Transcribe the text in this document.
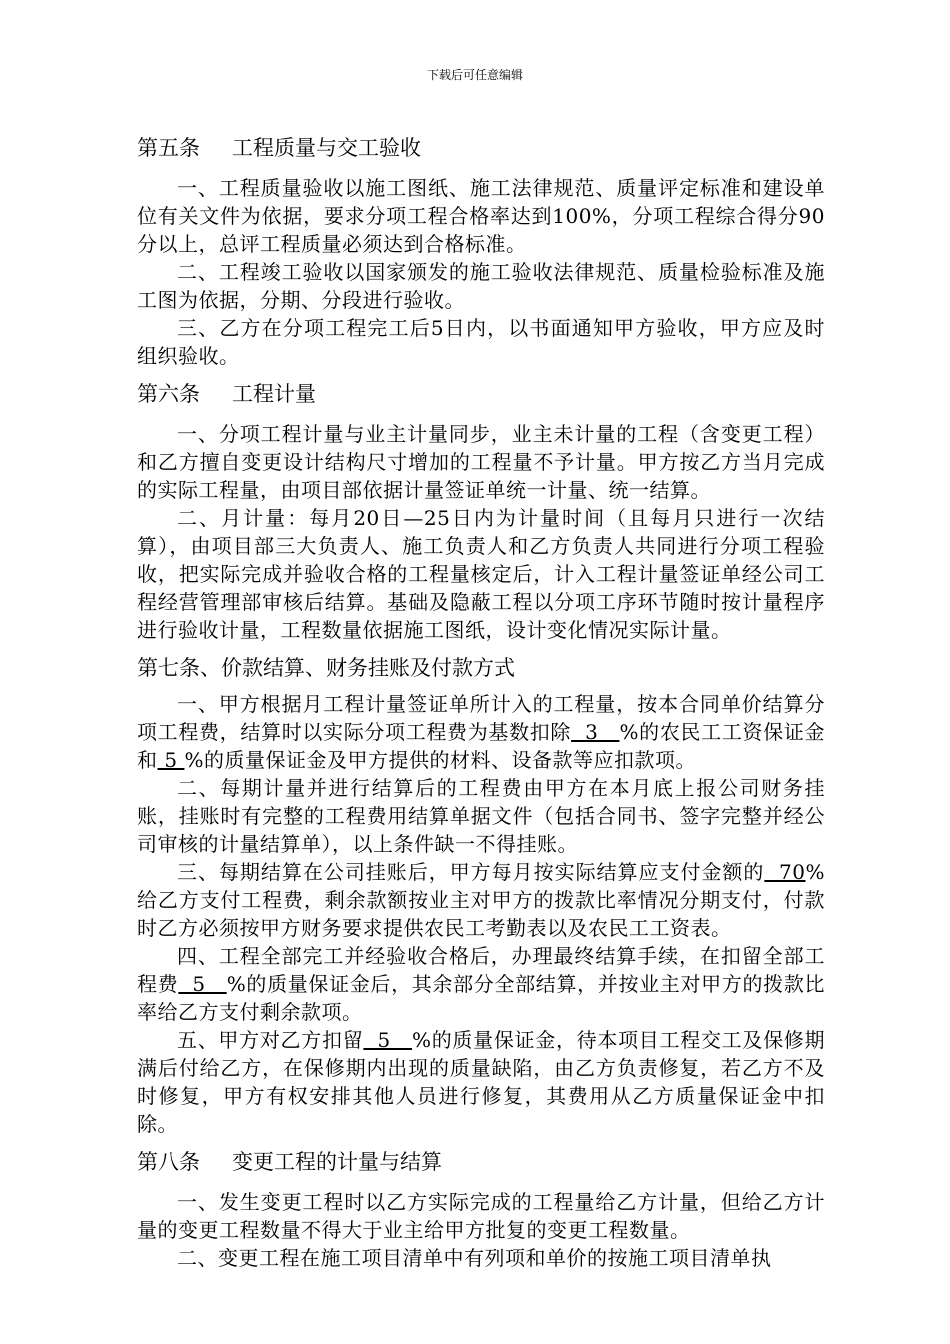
下载后可任意编辑
第五条 工程质量与交工验收

一、工程质量验收以施工图纸、施工法律规范、质量评定标准和建设单位有关文件为依据，要求分项工程合格率达到100%，分项工程综合得分90分以上，总评工程质量必须达到合格标准。

二、工程竣工验收以国家颁发的施工验收法律规范、质量检验标准及施工图为依据，分期、分段进行验收。

三、乙方在分项工程完工后5日内，以书面通知甲方验收，甲方应及时组织验收。

第六条 工程计量

一、分项工程计量与业主计量同步，业主未计量的工程（含变更工程）和乙方擅自变更设计结构尺寸增加的工程量不予计量。甲方按乙方当月完成的实际工程量，由项目部依据计量签证单统一计量、统一结算。

二、月计量：每月20日—25日内为计量时间（且每月只进行一次结算），由项目部三大负责人、施工负责人和乙方负责人共同进行分项工程验收，把实际完成并验收合格的工程量核定后，计入工程计量签证单经公司工程经营管理部审核后结算。基础及隐蔽工程以分项工序环节随时按计量程序进行验收计量，工程数量依据施工图纸，设计变化情况实际计量。

第七条、价款结算、财务挂账及付款方式

一、甲方根据月工程计量签证单所计入的工程量，按本合同单价结算分项工程费，结算时以实际分项工程费为基数扣除  3   %的农民工工资保证金和 5 %的质量保证金及甲方提供的材料、设备款等应扣款项。

二、每期计量并进行结算后的工程费由甲方在本月底上报公司财务挂账，挂账时有完整的工程费用结算单据文件（包括合同书、签字完整并经公司审核的计量结算单），以上条件缺一不得挂账。

三、每期结算在公司挂账后，甲方每月按实际结算应支付金额的  70%给乙方支付工程费，剩余款额按业主对甲方的拨款比率情况分期支付，付款时乙方必须按甲方财务要求提供农民工考勤表以及农民工工资表。

四、工程全部完工并经验收合格后，办理最终结算手续，在扣留全部工程费  5   %的质量保证金后，其余部分全部结算，并按业主对甲方的拨款比率给乙方支付剩余款项。

五、甲方对乙方扣留  5   %的质量保证金，待本项目工程交工及保修期满后付给乙方，在保修期内出现的质量缺陷，由乙方负责修复，若乙方不及时修复，甲方有权安排其他人员进行修复，其费用从乙方质量保证金中扣除。

第八条 变更工程的计量与结算

一、发生变更工程时以乙方实际完成的工程量给乙方计量，但给乙方计量的变更工程数量不得大于业主给甲方批复的变更工程数量。

二、变更工程在施工项目清单中有列项和单价的按施工项目清单执
